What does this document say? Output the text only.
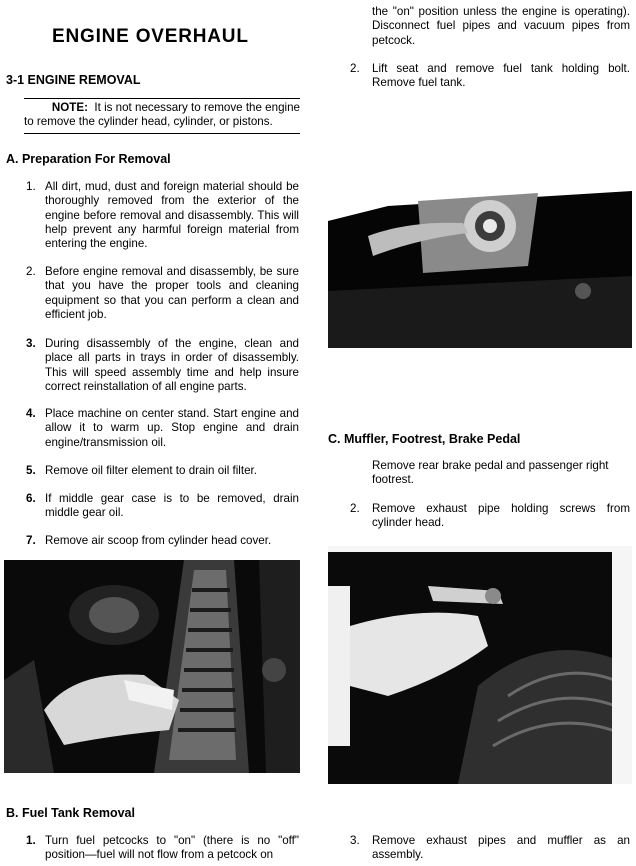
ENGINE OVERHAUL
3-1 ENGINE REMOVAL
NOTE: It is not necessary to remove the engine
to remove the cylinder head, cylinder, or pistons.
A. Preparation For Removal
1. All dirt, mud, dust and foreign material should be thoroughly removed from the exterior of the engine before removal and disassembly. This will help prevent any harmful foreign material from entering the engine.
2. Before engine removal and disassembly, be sure that you have the proper tools and cleaning equipment so that you can perform a clean and efficient job.
3. During disassembly of the engine, clean and place all parts in trays in order of disassembly. This will speed assembly time and help insure correct reinstallation of all engine parts.
4. Place machine on center stand. Start engine and allow it to warm up. Stop engine and drain engine/transmission oil.
5. Remove oil filter element to drain oil filter.
6. If middle gear case is to be removed, drain middle gear oil.
7. Remove air scoop from cylinder head cover.
B. Fuel Tank Removal
1. Turn fuel petcocks to "on" (there is no "off" position—fuel will not flow from a petcock on
the "on" position unless the engine is operating). Disconnect fuel pipes and vacuum pipes from petcock.
2. Lift seat and remove fuel tank holding bolt. Remove fuel tank.
C. Muffler, Footrest, Brake Pedal
Remove rear brake pedal and passenger right footrest.
2. Remove exhaust pipe holding screws from cylinder head.
3. Remove exhaust pipes and muffler as an assembly.
